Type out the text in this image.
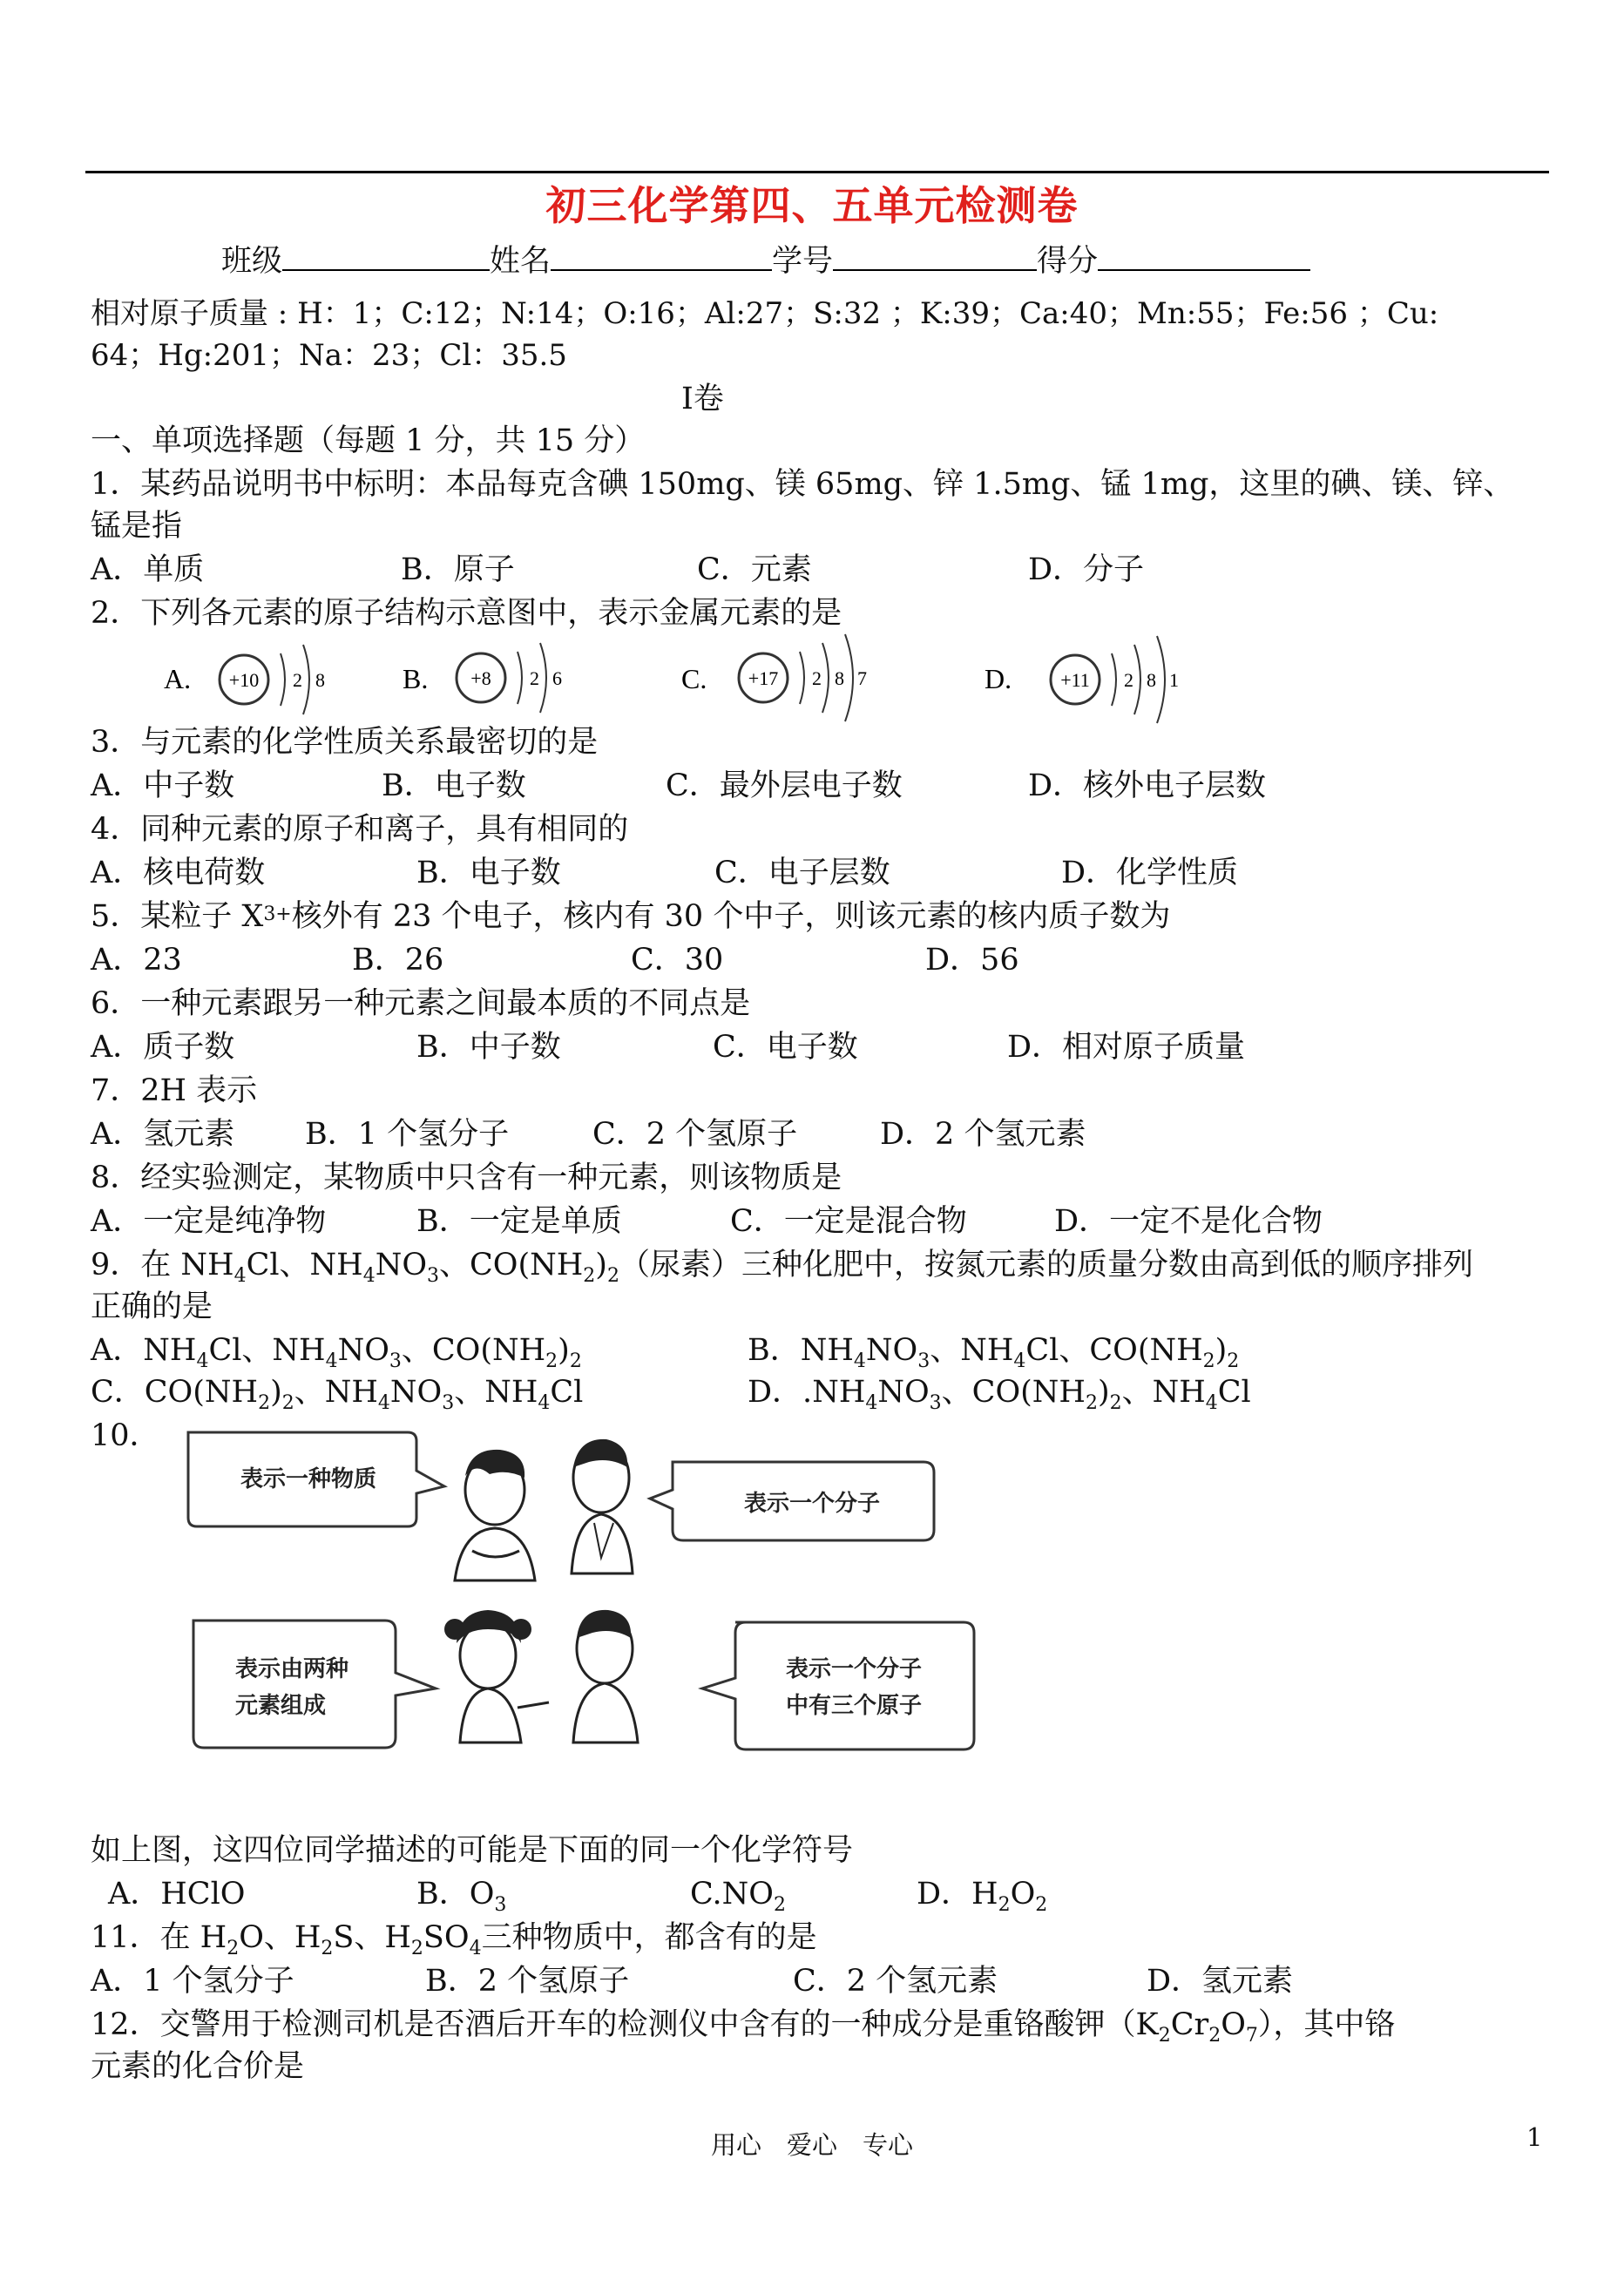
初三化学第四、五单元检测卷
班级	姓名	学号	得分
相对原子质量 : H：1；C:12；N:14；O:16；Al:27；S:32 ；K:39；Ca:40；Mn:55；Fe:56 ；Cu:
64；Hg:201；Na：23；Cl：35.5
Ⅰ卷
一、单项选择题（每题 1 分，共 15 分）
1．某药品说明书中标明：本品每克含碘 150mg、镁 65mg、锌 1.5mg、锰 1mg，这里的碘、镁、锌、
锰是指
A．单质	B．原子	C．元素	D．分子
2．下列各元素的原子结构示意图中，表示金属元素的是
A. +10 2 8	B. +8 2 6	C. +17 2 8 7	D.	+11 2 8 1
3．与元素的化学性质关系最密切的是
A．中子数	B．电子数	C．最外层电子数	D．核外电子层数
4．同种元素的原子和离子，具有相同的
A．核电荷数	B．电子数	C．电子层数	D．化学性质
5．某粒子 $X^{3+}$核外有 23 个电子，核内有 30 个中子，则该元素的核内质子数为
A．23	B．26	C．30	D．56
6．一种元素跟另一种元素之间最本质的不同点是
A．质子数	B．中子数	C．电子数	D．相对原子质量
7．2H 表示
A．氢元素 B．1 个氢分子	C．2 个氢原子	D．2 个氢元素
8．经实验测定，某物质中只含有一种元素，则该物质是
A．一定是纯净物	B．一定是单质	C．一定是混合物	D．一定不是化合物
9．在 $NH_4Cl$、$NH_4NO_3$、$CO(NH_2)_2$（尿素）三种化肥中，按氮元素的质量分数由高到低的顺序排列
正确的是
A．$NH_4Cl$、$NH_4NO_3$、$CO(NH_2)_2$	B．$NH_4NO_3$、$NH_4Cl$、$CO(NH_2)_2$
C．$CO(NH_2)_2$、$NH_4NO_3$、$NH_4Cl$	D．$.NH_4NO_3$、$CO(NH_2)_2$、$NH_4Cl$
10．
表示一种物质
表示一个分子
表示由两种
元素组成
表示一个分子
中有三个原子
如上图，这四位同学描述的可能是下面的同一个化学符号
A．HClO	B．$O_3$	$C.NO_2$	D．$H_2O_2$
11．在 $H_2O$、$H_2S$、$H_2SO_4$三种物质中，都含有的是
A．1 个氢分子	B．2 个氢原子	C．2 个氢元素	D．氢元素
12．交警用于检测司机是否酒后开车的检测仪中含有的一种成分是重铬酸钾$(K_2Cr_2O_7)$，其中铬
元素的化合价是
用心　爱心　专心	1
